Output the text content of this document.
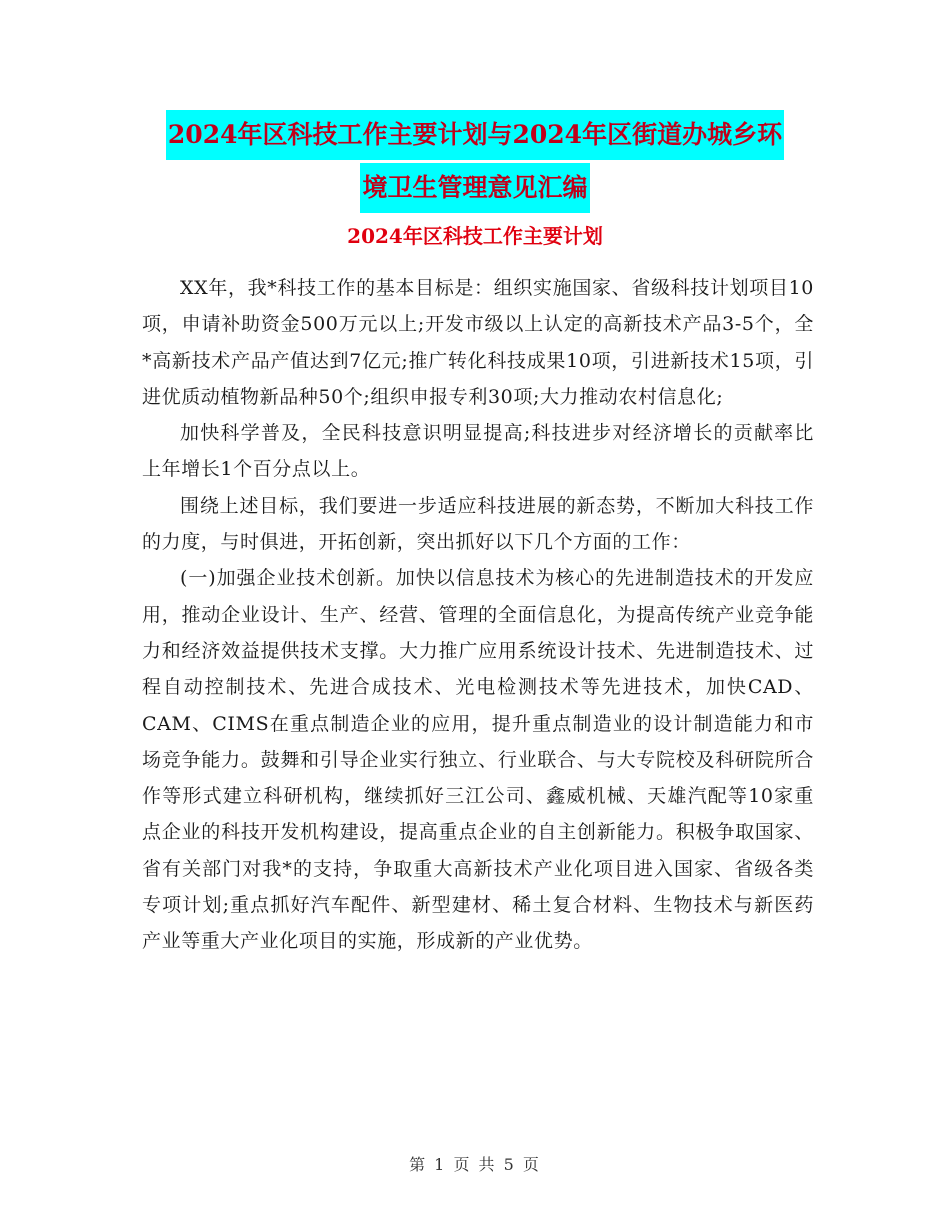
2024年区科技工作主要计划与2024年区街道办城乡环
境卫生管理意见汇编
2024年区科技工作主要计划

XX年，我*科技工作的基本目标是：组织实施国家、省级科技计划项目10项，申请补助资金500万元以上;开发市级以上认定的高新技术产品3-5个，全*高新技术产品产值达到7亿元;推广转化科技成果10项，引进新技术15项，引进优质动植物新品种50个;组织申报专利30项;大力推动农村信息化;

加快科学普及，全民科技意识明显提高;科技进步对经济增长的贡献率比上年增长1个百分点以上。

围绕上述目标，我们要进一步适应科技进展的新态势，不断加大科技工作的力度，与时俱进，开拓创新，突出抓好以下几个方面的工作：

(一)加强企业技术创新。加快以信息技术为核心的先进制造技术的开发应用，推动企业设计、生产、经营、管理的全面信息化，为提高传统产业竞争能力和经济效益提供技术支撑。大力推广应用系统设计技术、先进制造技术、过程自动控制技术、先进合成技术、光电检测技术等先进技术，加快CAD、CAM、CIMS在重点制造企业的应用，提升重点制造业的设计制造能力和市场竞争能力。鼓舞和引导企业实行独立、行业联合、与大专院校及科研院所合作等形式建立科研机构，继续抓好三江公司、鑫威机械、天雄汽配等10家重点企业的科技开发机构建设，提高重点企业的自主创新能力。积极争取国家、省有关部门对我*的支持，争取重大高新技术产业化项目进入国家、省级各类专项计划;重点抓好汽车配件、新型建材、稀土复合材料、生物技术与新医药产业等重大产业化项目的实施，形成新的产业优势。

第 1 页 共 5 页
